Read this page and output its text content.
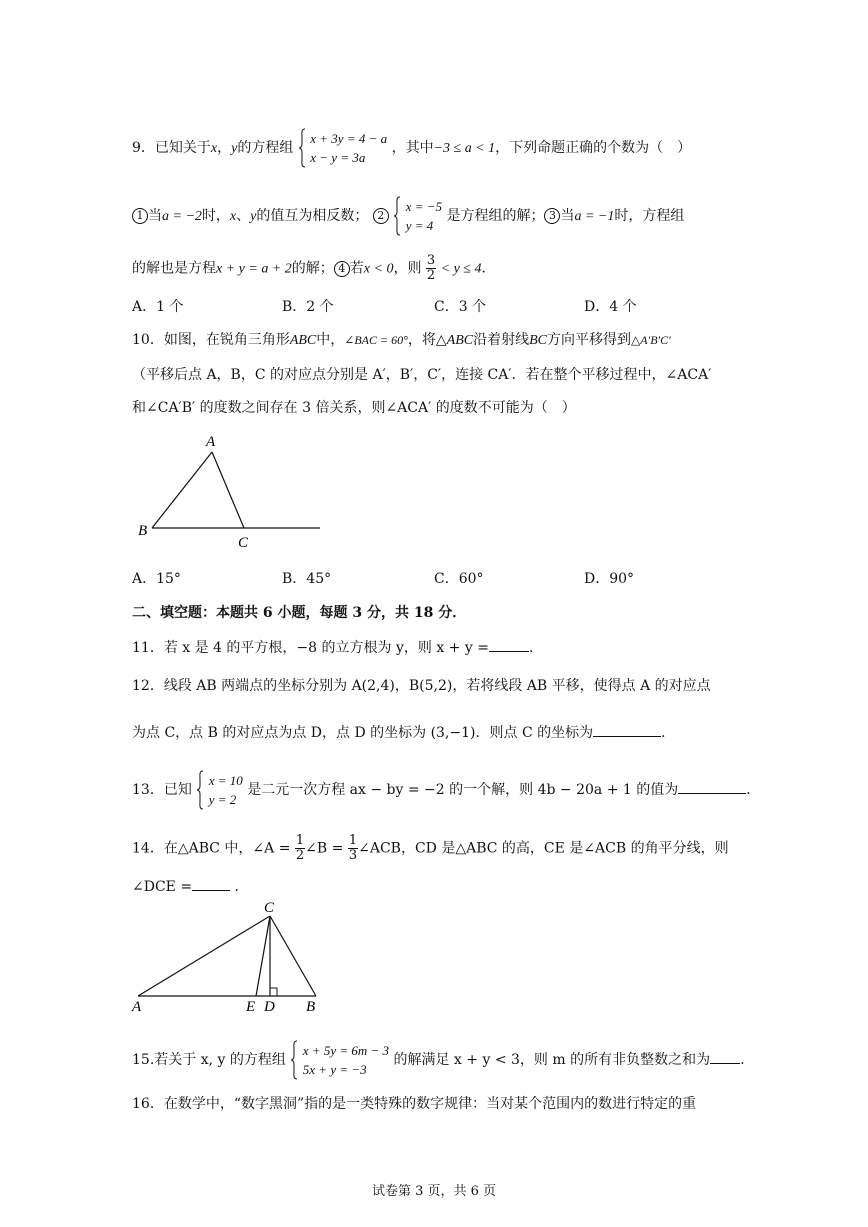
9．已知关于x，y的方程组  x + 3y = 4 − a
x − y = 3a ，其中−3 ≤ a < 1，下列命题正确的个数为（　）
1 当a = −2时，x、y的值互为相反数； 2  x = −5
y = 4 是方程组的解； 3 当a = −1时，方程组
的解也是方程x + y = a + 2的解； 4 若x < 0，则 $\frac{3}{2} < y \le 4$．
A．1 个	B．2 个	C．3 个	D．4 个
10．如图，在锐角三角形ABC中，∠BAC = 60°，将△ABC沿着射线BC方向平移得到△A′B′C′
（平移后点 A，B，C 的对应点分别是 A′，B′，C′，连接 CA′．若在整个平移过程中，∠ACA′
和∠CA′B′ 的度数之间存在 3 倍关系，则∠ACA′ 的度数不可能为（　）
A
B
C
A．15°	B．45°	C．60°	D．90°
二、填空题：本题共 6 小题，每题 3 分，共 18 分．
11．若 x 是 4 的平方根，−8 的立方根为 y，则 x + y =	．
12．线段 AB 两端点的坐标分别为 A(2,4)，B(5,2)，若将线段 AB 平移，使得点 A 的对应点
为点 C，点 B 的对应点为点 D，点 D 的坐标为 (3,−1)．则点 C 的坐标为	．
13．已知  x = 10
y = 2 是二元一次方程 ax − by = −2 的一个解，则 4b − 20a + 1 的值为	．
14．在△ABC 中，∠A = $\frac{1}{2}$ ∠B = $\frac{1}{3}$ ∠ACB，CD 是△ABC 的高，CE 是∠ACB 的角平分线，则
∠DCE =	．
C
A	E D B
15.若关于 x, y 的方程组  x + 5y = 6m − 3
5x + y = −3 的解满足 x + y < 3，则 m 的所有非负整数之和为 .
16．在数学中，“数字黑洞”指的是一类特殊的数字规律：当对某个范围内的数进行特定的重
试卷第 3 页，共 6 页
